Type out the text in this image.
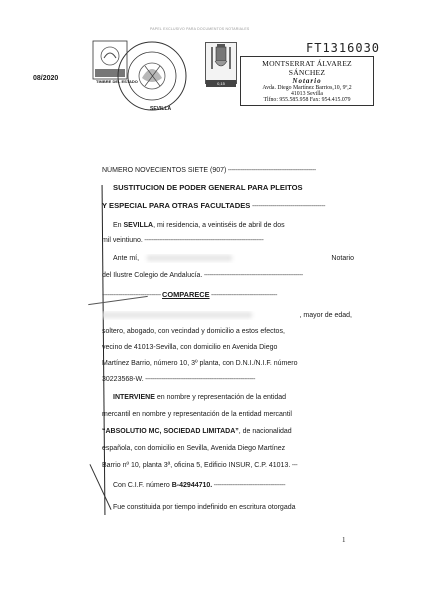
PAPEL EXCLUSIVO PARA DOCUMENTOS NOTARIALES
08/2020	TIMBRE DEL ESTADO
SEVILLA
0,15
FT1316030
MONTSERRAT ÁLVAREZ SÁNCHEZ
Notario
Avda. Diego Martínez Barrios,10, 9º,2
41013 Sevilla
Tlfno: 955.585.958 Fax: 954.415.079
NÚMERO NOVECIENTOS SIETE (907) ------------------------------------------------
SUSTITUCION DE PODER GENERAL PARA PLEITOS
Y ESPECIAL PARA OTRAS FACULTADES ------------------------------------
En SEVILLA, mi residencia, a veintiséis de abril de dos
mil veintiuno. -----------------------------------------------------------------
Ante mí,	Notario
del Ilustre Colegio de Andalucía. ------------------------------------------------------
-------------------------------- COMPARECE ------------------------------------
, mayor de edad,
soltero, abogado, con vecindad y domicilio a estos efectos,
vecino de 41013-Sevilla, con domicilio en Avenida Diego
Martínez Barrio, número 10, 3º planta, con D.N.I./N.I.F. número
30223568-W. ------------------------------------------------------------
INTERVIENE en nombre y representación de la entidad
mercantil en nombre y representación de la entidad mercantil
“ABSOLUTIO MC, SOCIEDAD LIMITADA”, de nacionalidad
española, con domicilio en Sevilla, Avenida Diego Martínez
Barrio nº 10, planta 3ª, oficina 5, Edificio INSUR, C.P. 41013. ---
Con C.I.F. número B-42944710. ---------------------------------------
Fue constituida por tiempo indefinido en escritura otorgada
1
